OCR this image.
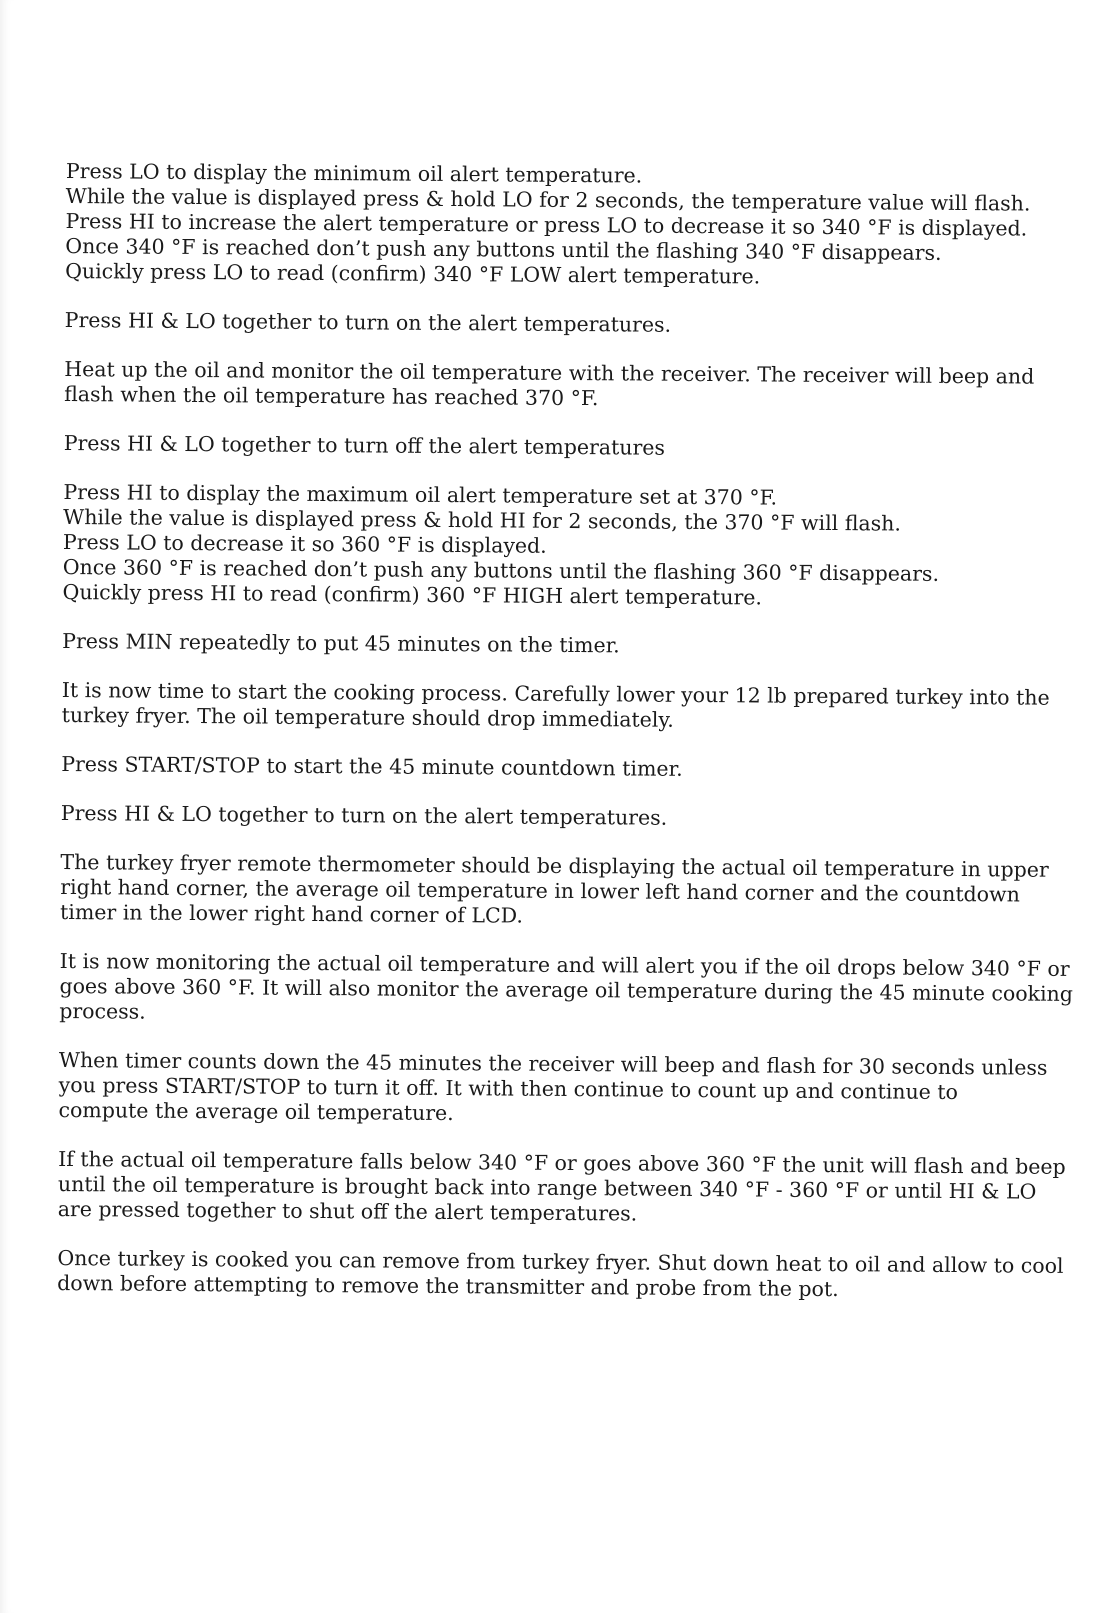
Press LO to display the minimum oil alert temperature.
While the value is displayed press & hold LO for 2 seconds, the temperature value will flash.
Press HI to increase the alert temperature or press LO to decrease it so 340 °F is displayed.
Once 340 °F is reached don’t push any buttons until the flashing 340 °F disappears.
Quickly press LO to read (confirm) 340 °F LOW alert temperature.
Press HI & LO together to turn on the alert temperatures.
Heat up the oil and monitor the oil temperature with the receiver. The receiver will beep and
flash when the oil temperature has reached 370 °F.
Press HI & LO together to turn off the alert temperatures
Press HI to display the maximum oil alert temperature set at 370 °F.
While the value is displayed press & hold HI for 2 seconds, the 370 °F will flash.
Press LO to decrease it so 360 °F is displayed.
Once 360 °F is reached don’t push any buttons until the flashing 360 °F disappears.
Quickly press HI to read (confirm) 360 °F HIGH alert temperature.
Press MIN repeatedly to put 45 minutes on the timer.
It is now time to start the cooking process. Carefully lower your 12 lb prepared turkey into the
turkey fryer. The oil temperature should drop immediately.
Press START/STOP to start the 45 minute countdown timer.
Press HI & LO together to turn on the alert temperatures.
The turkey fryer remote thermometer should be displaying the actual oil temperature in upper
right hand corner, the average oil temperature in lower left hand corner and the countdown
timer in the lower right hand corner of LCD.
It is now monitoring the actual oil temperature and will alert you if the oil drops below 340 °F or
goes above 360 °F. It will also monitor the average oil temperature during the 45 minute cooking
process.
When timer counts down the 45 minutes the receiver will beep and flash for 30 seconds unless
you press START/STOP to turn it off. It with then continue to count up and continue to
compute the average oil temperature.
If the actual oil temperature falls below 340 °F or goes above 360 °F the unit will flash and beep
until the oil temperature is brought back into range between 340 °F - 360 °F or until HI & LO
are pressed together to shut off the alert temperatures.
Once turkey is cooked you can remove from turkey fryer. Shut down heat to oil and allow to cool
down before attempting to remove the transmitter and probe from the pot.
